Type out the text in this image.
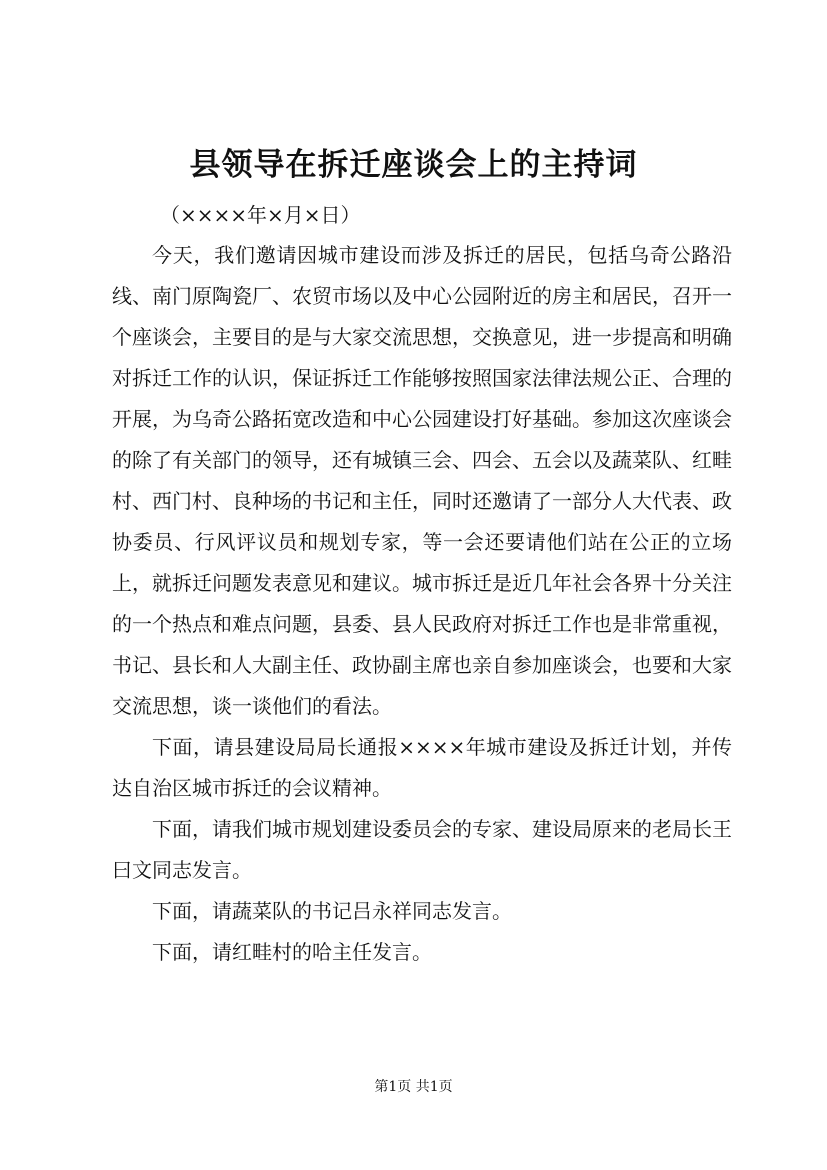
县领导在拆迁座谈会上的主持词

（××××年×月×日）

今天，我们邀请因城市建设而涉及拆迁的居民，包括乌奇公路沿线、南门原陶瓷厂、农贸市场以及中心公园附近的房主和居民，召开一个座谈会，主要目的是与大家交流思想，交换意见，进一步提高和明确对拆迁工作的认识，保证拆迁工作能够按照国家法律法规公正、合理的开展，为乌奇公路拓宽改造和中心公园建设打好基础。参加这次座谈会的除了有关部门的领导，还有城镇三会、四会、五会以及蔬菜队、红畦村、西门村、良种场的书记和主任，同时还邀请了一部分人大代表、政协委员、行风评议员和规划专家，等一会还要请他们站在公正的立场上，就拆迁问题发表意见和建议。城市拆迁是近几年社会各界十分关注的一个热点和难点问题，县委、县人民政府对拆迁工作也是非常重视，书记、县长和人大副主任、政协副主席也亲自参加座谈会，也要和大家交流思想，谈一谈他们的看法。

下面，请县建设局局长通报××××年城市建设及拆迁计划，并传达自治区城市拆迁的会议精神。

下面，请我们城市规划建设委员会的专家、建设局原来的老局长王曰文同志发言。

下面，请蔬菜队的书记吕永祥同志发言。

下面，请红畦村的哈主任发言。

第1页 共1页
